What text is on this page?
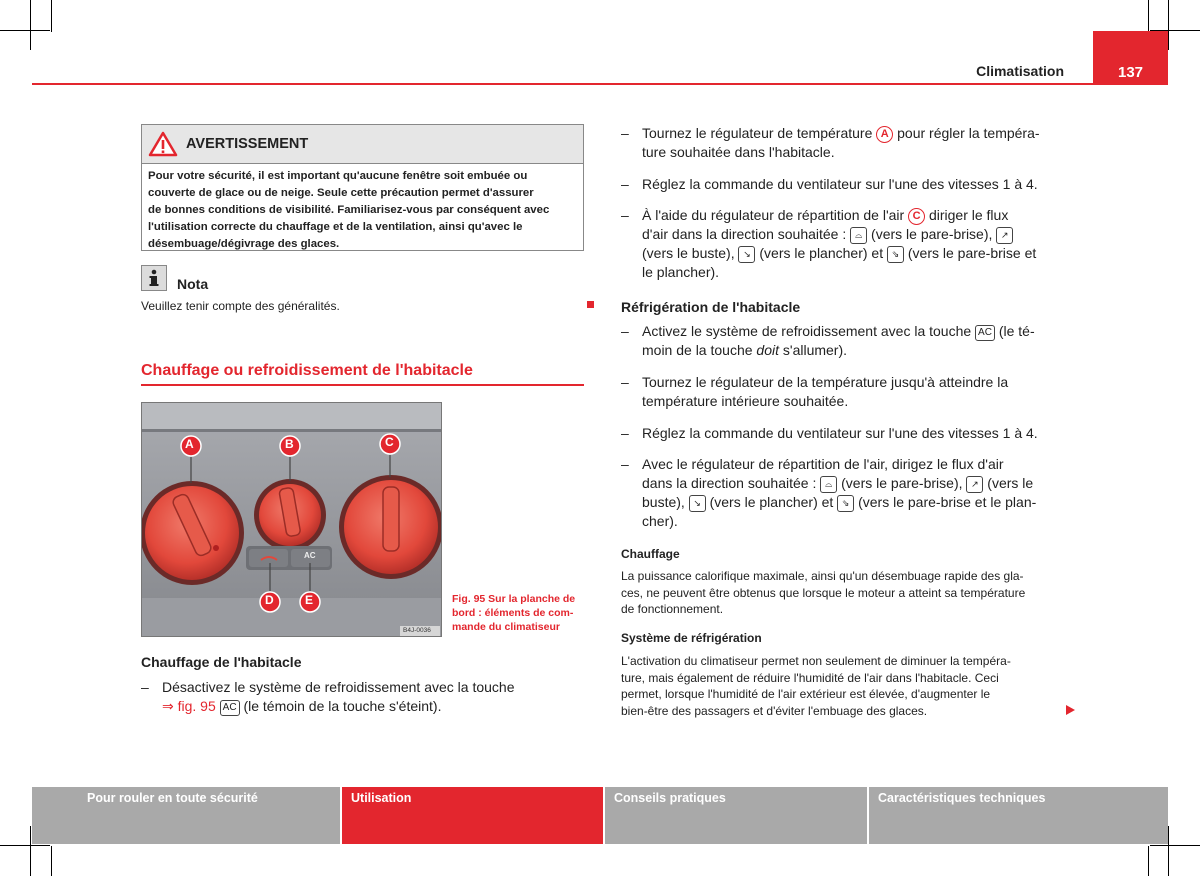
Climatisation	137
AVERTISSEMENT
Pour votre sécurité, il est important qu'aucune fenêtre soit embuée ou
couverte de glace ou de neige. Seule cette précaution permet d'assurer
de bonnes conditions de visibilité. Familiarisez-vous par conséquent avec
l'utilisation correcte du chauffage et de la ventilation, ainsi qu'avec le
désembuage/dégivrage des glaces.
Nota
Veuillez tenir compte des généralités.
Chauffage ou refroidissement de l'habitacle
A	B	C
D	E
AC
B4J-0036
Fig. 95 Sur la planche de
bord : éléments de com-
mande du climatiseur
Chauffage de l'habitacle
– Désactivez le système de refroidissement avec la touche
⇒ fig. 95 AC (le témoin de la touche s'éteint).
– Tournez le régulateur de température A pour régler la tempéra-
ture souhaitée dans l'habitacle.
– Réglez la commande du ventilateur sur l'une des vitesses 1 à 4.
– À l'aide du régulateur de répartition de l'air C diriger le flux
d'air dans la direction souhaitée : ⌓ (vers le pare-brise), ↗
(vers le buste), ↘ (vers le plancher) et ⇘ (vers le pare-brise et
le plancher).
Réfrigération de l'habitacle
– Activez le système de refroidissement avec la touche AC (le té-
moin de la touche doit s'allumer).
– Tournez le régulateur de la température jusqu'à atteindre la
température intérieure souhaitée.
– Réglez la commande du ventilateur sur l'une des vitesses 1 à 4.
– Avec le régulateur de répartition de l'air, dirigez le flux d'air
dans la direction souhaitée : ⌓ (vers le pare-brise), ↗ (vers le
buste), ↘ (vers le plancher) et ⇘ (vers le pare-brise et le plan-
cher).
Chauffage
La puissance calorifique maximale, ainsi qu'un désembuage rapide des gla-
ces, ne peuvent être obtenus que lorsque le moteur a atteint sa température
de fonctionnement.
Système de réfrigération
L'activation du climatiseur permet non seulement de diminuer la tempéra-
ture, mais également de réduire l'humidité de l'air dans l'habitacle. Ceci
permet, lorsque l'humidité de l'air extérieur est élevée, d'augmenter le
bien-être des passagers et d'éviter l'embuage des glaces.
Pour rouler en toute sécurité	Utilisation	Conseils pratiques	Caractéristiques techniques
